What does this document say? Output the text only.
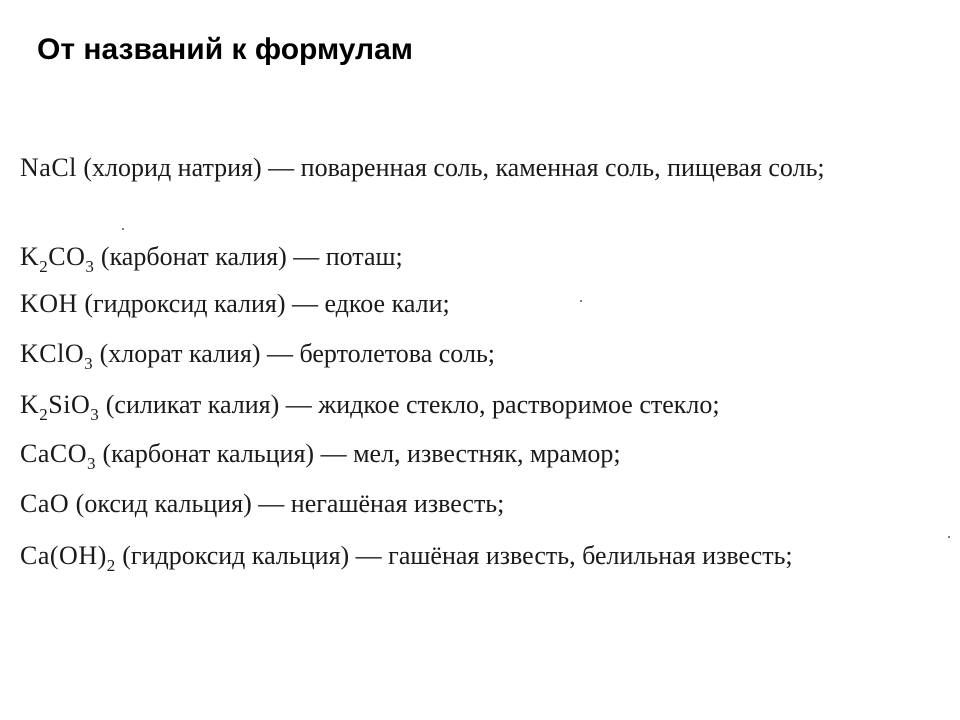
От названий к формулам
NaCl (хлорид натрия) — поваренная соль, каменная соль, пищевая соль;
$K_2CO_3$ (карбонат калия) — поташ;
KOH (гидроксид калия) — едкое кали;
KClO$_3$ (хлорат калия) — бертолетова соль;
$K_2SiO_3$ (силикат калия) — жидкое стекло, растворимое стекло;
CaCO$_3$ (карбонат кальция) — мел, известняк, мрамор;
CaO (оксид кальция) — негашёная известь;
$Ca(OH)_2$ (гидроксид кальция) — гашёная известь, белильная известь;
